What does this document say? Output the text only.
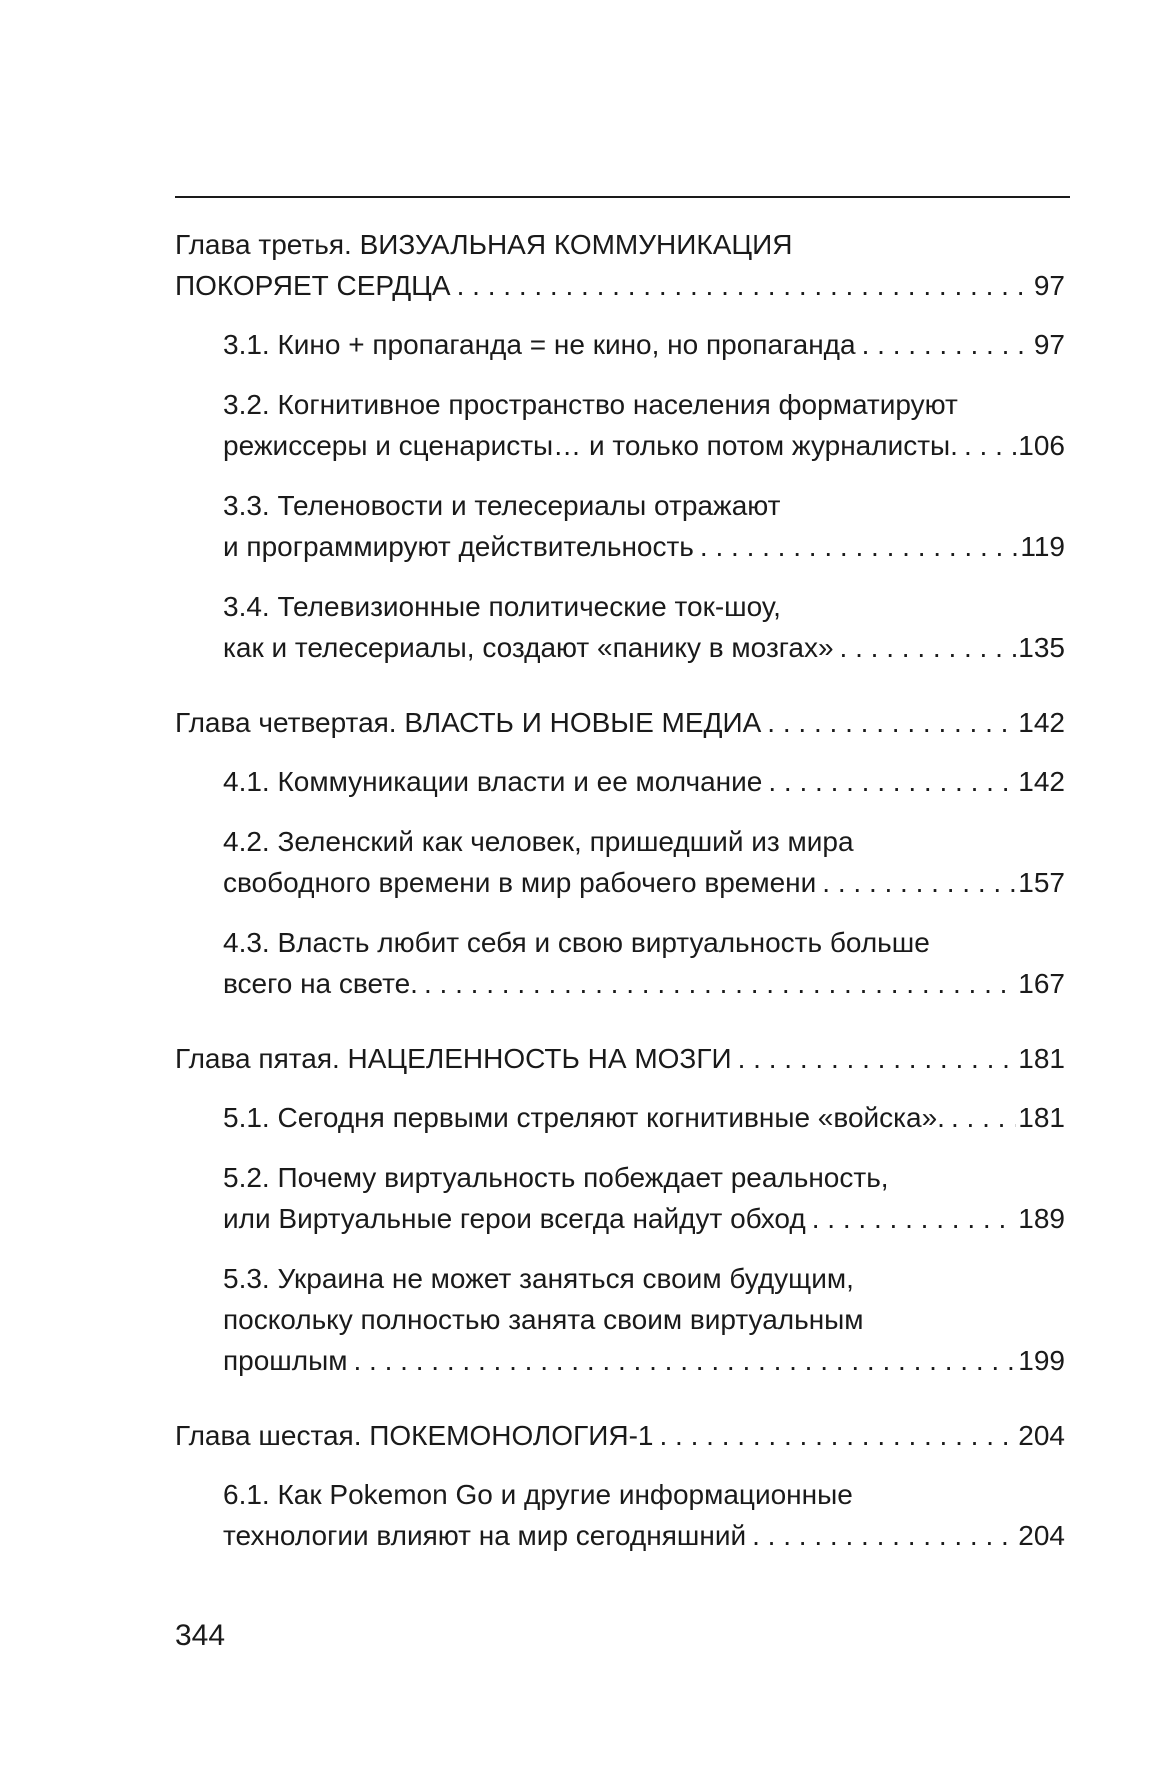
Глава третья. ВИЗУАЛЬНАЯ КОММУНИКАЦИЯ
ПОКОРЯЕТ СЕРДЦА . . .	97
3.1. Кино + пропаганда = не кино, но пропаганда . . .	97
3.2. Когнитивное пространство населения форматируют
режиссеры и сценаристы… и только потом журналисты. . . . 106
3.3. Теленовости и телесериалы отражают
и программируют действительность . . .	119
3.4. Телевизионные политические ток-шоу,
как и телесериалы, создают «панику в мозгах» . . .	135
Глава четвертая. ВЛАСТЬ И НОВЫЕ МЕДИА . . .	142
4.1. Коммуникации власти и ее молчание . . .	142
4.2. Зеленский как человек, пришедший из мира
свободного времени в мир рабочего времени . . .	157
4.3. Власть любит себя и свою виртуальность больше
всего на свете. . . .	167
Глава пятая. НАЦЕЛЕННОСТЬ НА МОЗГИ . . .	181
5.1. Сегодня первыми стреляют когнитивные «войска». . . .	181
5.2. Почему виртуальность побеждает реальность,
или Виртуальные герои всегда найдут обход . . .	189
5.3. Украина не может заняться своим будущим,
поскольку полностью занята своим виртуальным
прошлым . . .	199
Глава шестая. ПОКЕМОНОЛОГИЯ-1 . . .	204
6.1. Как Pokemon Go и другие информационные
технологии влияют на мир сегодняшний . . .	204
344
